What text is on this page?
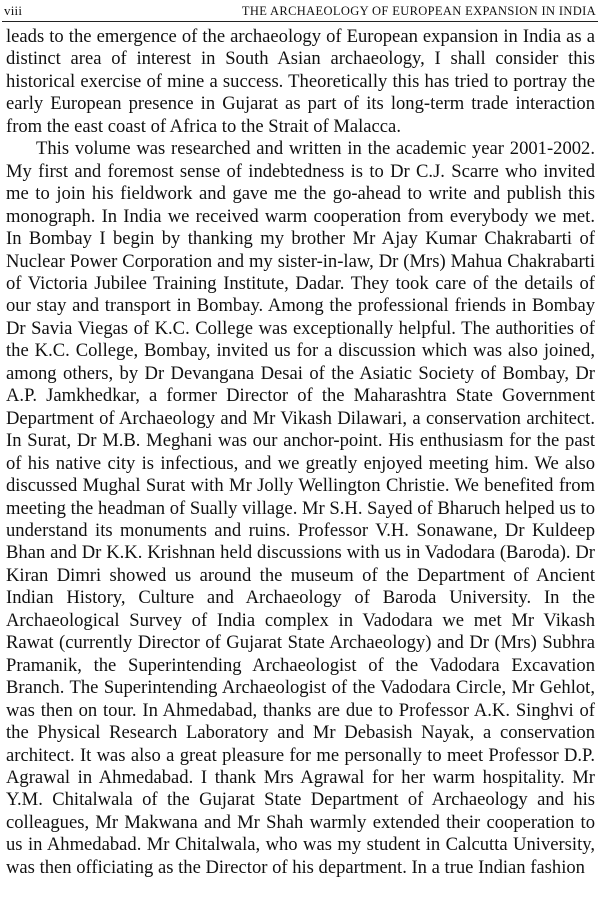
viii	THE ARCHAEOLOGY OF EUROPEAN EXPANSION IN INDIA

leads to the emergence of the archaeology of European expansion in India as a distinct area of interest in South Asian archaeology, I shall consider this historical exercise of mine a success. Theoretically this has tried to portray the early European presence in Gujarat as part of its long-term trade interaction from the east coast of Africa to the Strait of Malacca.

This volume was researched and written in the academic year 2001-2002. My first and foremost sense of indebtedness is to Dr C.J. Scarre who invited me to join his fieldwork and gave me the go-ahead to write and publish this monograph. In India we received warm cooperation from everybody we met. In Bombay I begin by thanking my brother Mr Ajay Kumar Chakrabarti of Nuclear Power Corporation and my sister-in-law, Dr (Mrs) Mahua Chakrabarti of Victoria Jubilee Training Institute, Dadar. They took care of the details of our stay and transport in Bombay. Among the professional friends in Bombay Dr Savia Viegas of K.C. College was exceptionally helpful. The authorities of the K.C. College, Bombay, invited us for a discussion which was also joined, among others, by Dr Devangana Desai of the Asiatic Society of Bombay, Dr A.P. Jamkhedkar, a former Director of the Maharashtra State Government Department of Archaeology and Mr Vikash Dilawari, a conservation architect. In Surat, Dr M.B. Meghani was our anchor-point. His enthusiasm for the past of his native city is infectious, and we greatly enjoyed meeting him. We also discussed Mughal Surat with Mr Jolly Wellington Christie. We benefited from meeting the headman of Sually village. Mr S.H. Sayed of Bharuch helped us to understand its monuments and ruins. Professor V.H. Sonawane, Dr Kuldeep Bhan and Dr K.K. Krishnan held discussions with us in Vadodara (Baroda). Dr Kiran Dimri showed us around the museum of the Department of Ancient Indian History, Culture and Archaeology of Baroda University. In the Archaeological Survey of India complex in Vadodara we met Mr Vikash Rawat (currently Director of Gujarat State Archaeology) and Dr (Mrs) Subhra Pramanik, the Superintending Archaeologist of the Vadodara Excavation Branch. The Superintending Archaeologist of the Vadodara Circle, Mr Gehlot, was then on tour. In Ahmedabad, thanks are due to Professor A.K. Singhvi of the Physical Research Laboratory and Mr Debasish Nayak, a conservation architect. It was also a great pleasure for me personally to meet Professor D.P. Agrawal in Ahmedabad. I thank Mrs Agrawal for her warm hospitality. Mr Y.M. Chitalwala of the Gujarat State Department of Archaeology and his colleagues, Mr Makwana and Mr Shah warmly extended their cooperation to us in Ahmedabad. Mr Chitalwala, who was my student in Calcutta University, was then officiating as the Director of his department. In a true Indian fashion
